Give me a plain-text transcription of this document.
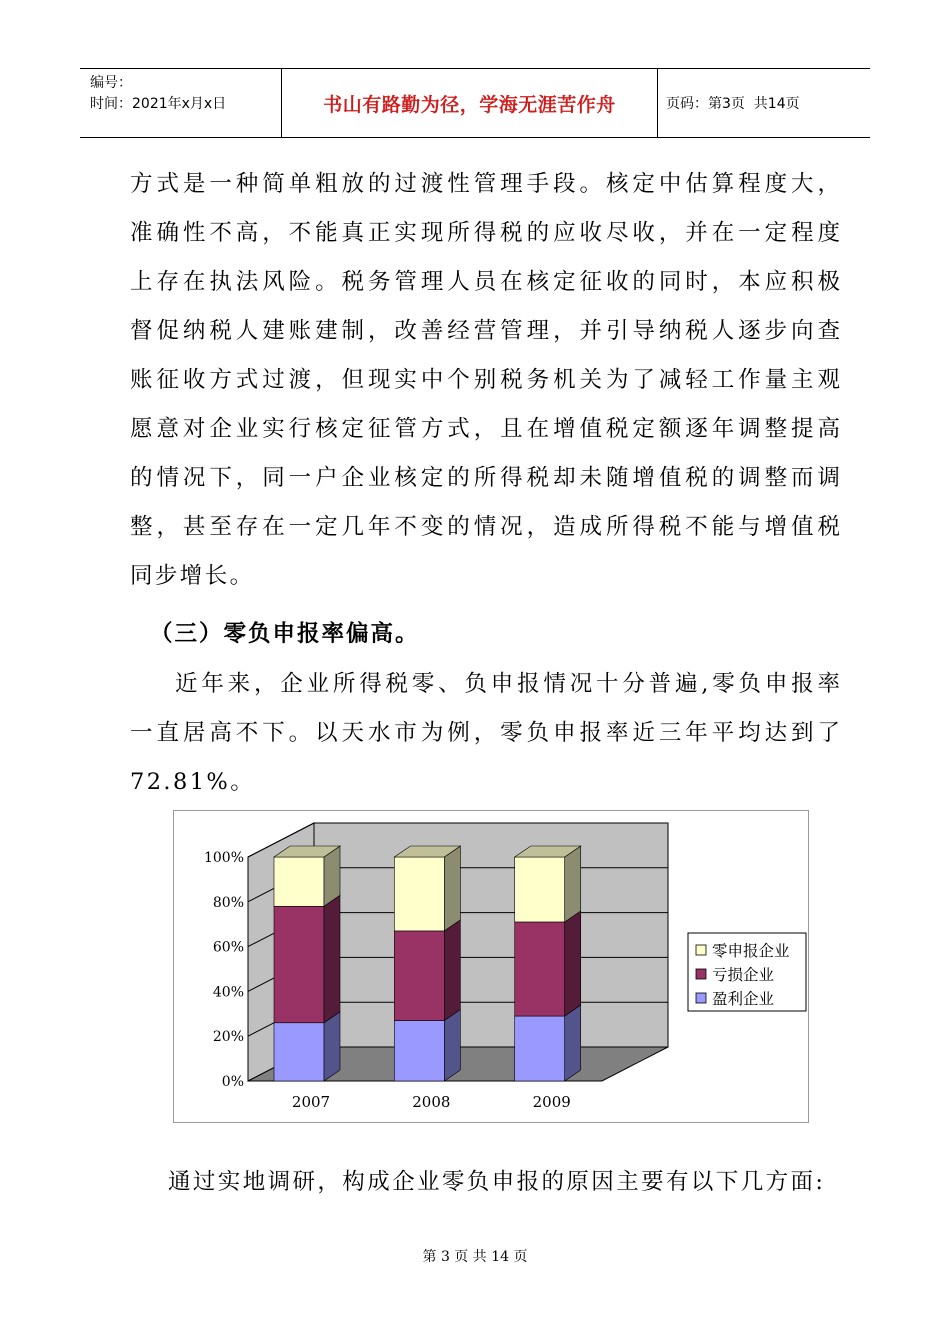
编号：
时间：2021年x月x日	书山有路勤为径，学海无涯苦作舟	页码：第3页  共14页
方式是一种简单粗放的过渡性管理手段。核定中估算程度大，
准确性不高，不能真正实现所得税的应收尽收，并在一定程度
上存在执法风险。税务管理人员在核定征收的同时，本应积极
督促纳税人建账建制，改善经营管理，并引导纳税人逐步向查
账征收方式过渡，但现实中个别税务机关为了减轻工作量主观
愿意对企业实行核定征管方式，且在增值税定额逐年调整提高
的情况下，同一户企业核定的所得税却未随增值税的调整而调
整，甚至存在一定几年不变的情况，造成所得税不能与增值税
同步增长。
（三）零负申报率偏高。
近年来，企业所得税零、负申报情况十分普遍,零负申报率
一直居高不下。以天水市为例，零负申报率近三年平均达到了
72.81%。
0%
20%
40%
60%
80%
100%
2007	2008	2009
零申报企业
亏损企业
盈利企业
通过实地调研，构成企业零负申报的原因主要有以下几方面:
第 3 页 共 14 页
